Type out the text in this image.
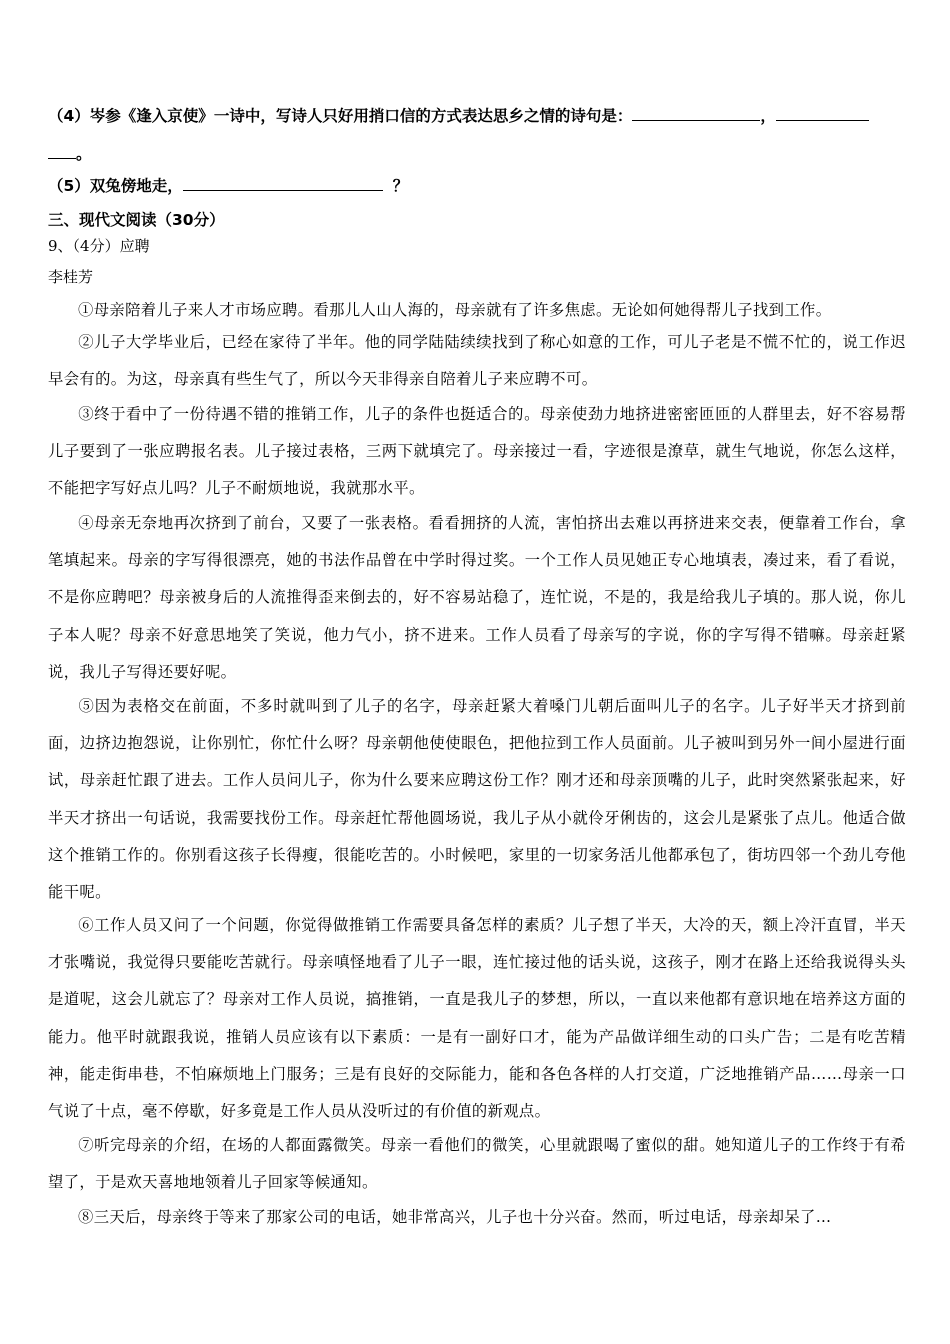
（4）岑参《逢入京使》一诗中，写诗人只好用捎口信的方式表达思乡之情的诗句是：	，
。
（5）双兔傍地走，	？
三、现代文阅读（30分）
9、（4分）应聘
李桂芳
①母亲陪着儿子来人才市场应聘。看那儿人山人海的，母亲就有了许多焦虑。无论如何她得帮儿子找到工作。
②儿子大学毕业后，已经在家待了半年。他的同学陆陆续续找到了称心如意的工作，可儿子老是不慌不忙的，说工作迟早会有的。为这，母亲真有些生气了，所以今天非得亲自陪着儿子来应聘不可。
③终于看中了一份待遇不错的推销工作，儿子的条件也挺适合的。母亲使劲力地挤进密密匝匝的人群里去，好不容易帮儿子要到了一张应聘报名表。儿子接过表格，三两下就填完了。母亲接过一看，字迹很是潦草，就生气地说，你怎么这样，不能把字写好点儿吗？儿子不耐烦地说，我就那水平。
④母亲无奈地再次挤到了前台，又要了一张表格。看看拥挤的人流，害怕挤出去难以再挤进来交表，便靠着工作台，拿笔填起来。母亲的字写得很漂亮，她的书法作品曾在中学时得过奖。一个工作人员见她正专心地填表，凑过来，看了看说，不是你应聘吧？母亲被身后的人流推得歪来倒去的，好不容易站稳了，连忙说，不是的，我是给我儿子填的。那人说，你儿子本人呢？母亲不好意思地笑了笑说，他力气小，挤不进来。工作人员看了母亲写的字说，你的字写得不错嘛。母亲赶紧说，我儿子写得还要好呢。
⑤因为表格交在前面，不多时就叫到了儿子的名字，母亲赶紧大着嗓门儿朝后面叫儿子的名字。儿子好半天才挤到前面，边挤边抱怨说，让你别忙，你忙什么呀？母亲朝他使使眼色，把他拉到工作人员面前。儿子被叫到另外一间小屋进行面试，母亲赶忙跟了进去。工作人员问儿子，你为什么要来应聘这份工作？刚才还和母亲顶嘴的儿子，此时突然紧张起来，好半天才挤出一句话说，我需要找份工作。母亲赶忙帮他圆场说，我儿子从小就伶牙俐齿的，这会儿是紧张了点儿。他适合做这个推销工作的。你别看这孩子长得瘦，很能吃苦的。小时候吧，家里的一切家务活儿他都承包了，街坊四邻一个劲儿夸他能干呢。
⑥工作人员又问了一个问题，你觉得做推销工作需要具备怎样的素质？儿子想了半天，大冷的天，额上冷汗直冒，半天才张嘴说，我觉得只要能吃苦就行。母亲嗔怪地看了儿子一眼，连忙接过他的话头说，这孩子，刚才在路上还给我说得头头是道呢，这会儿就忘了？母亲对工作人员说，搞推销，一直是我儿子的梦想，所以，一直以来他都有意识地在培养这方面的能力。他平时就跟我说，推销人员应该有以下素质：一是有一副好口才，能为产品做详细生动的口头广告；二是有吃苦精神，能走街串巷，不怕麻烦地上门服务；三是有良好的交际能力，能和各色各样的人打交道，广泛地推销产品……母亲一口气说了十点，毫不停歇，好多竟是工作人员从没听过的有价值的新观点。
⑦听完母亲的介绍，在场的人都面露微笑。母亲一看他们的微笑，心里就跟喝了蜜似的甜。她知道儿子的工作终于有希望了，于是欢天喜地地领着儿子回家等候通知。
⑧三天后，母亲终于等来了那家公司的电话，她非常高兴，儿子也十分兴奋。然而，听过电话，母亲却呆了…
